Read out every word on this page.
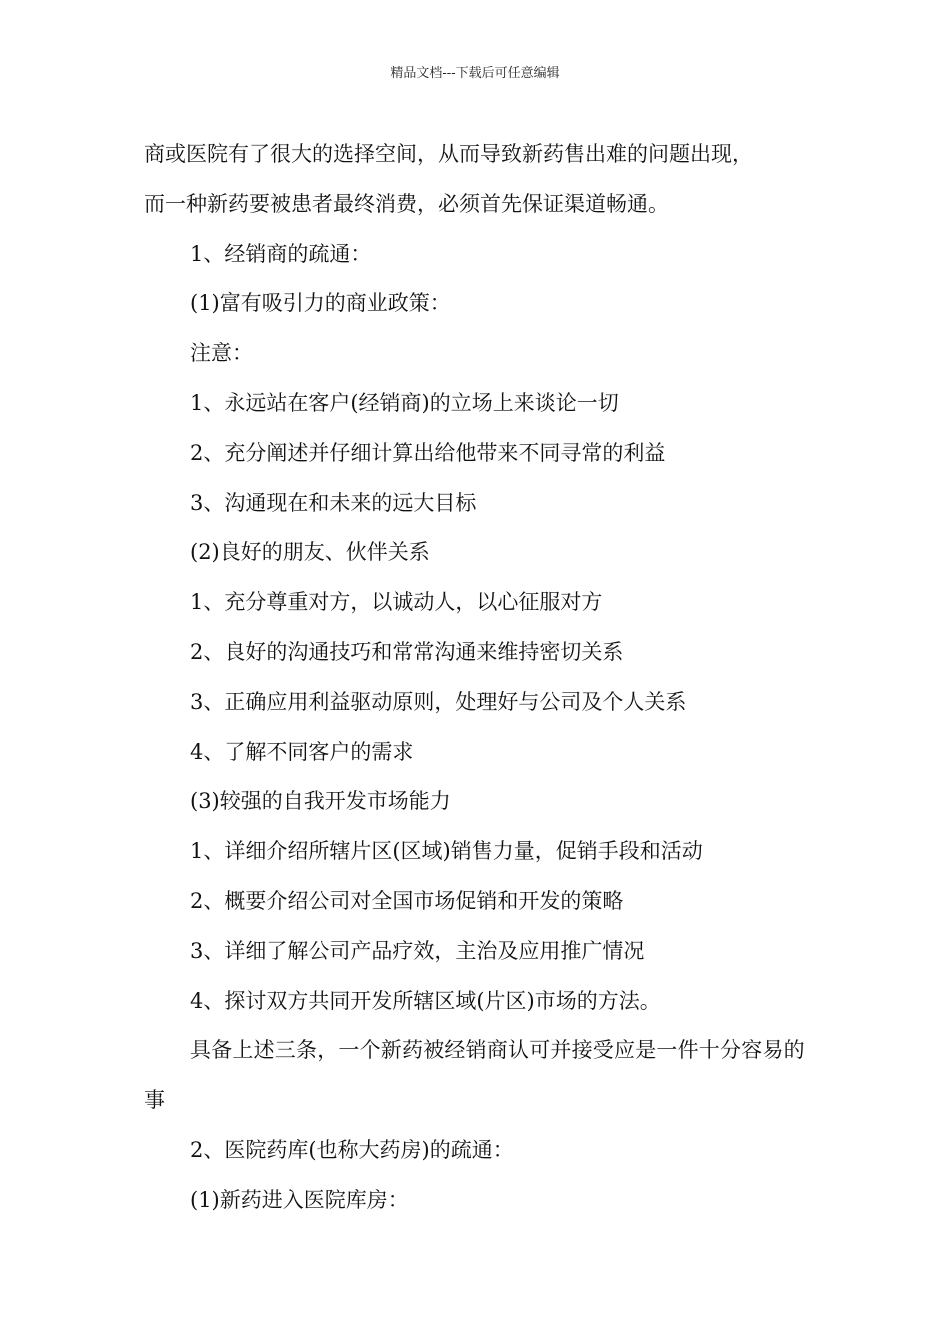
精品文档---下载后可任意编辑

商或医院有了很大的选择空间，从而导致新药售出难的问题出现，

而一种新药要被患者最终消费，必须首先保证渠道畅通。

1、经销商的疏通：

(1)富有吸引力的商业政策：

注意：

1、永远站在客户(经销商)的立场上来谈论一切

2、充分阐述并仔细计算出给他带来不同寻常的利益

3、沟通现在和未来的远大目标

(2)良好的朋友、伙伴关系

1、充分尊重对方，以诚动人，以心征服对方

2、良好的沟通技巧和常常沟通来维持密切关系

3、正确应用利益驱动原则，处理好与公司及个人关系

4、了解不同客户的需求

(3)较强的自我开发市场能力

1、详细介绍所辖片区(区域)销售力量，促销手段和活动

2、概要介绍公司对全国市场促销和开发的策略

3、详细了解公司产品疗效，主治及应用推广情况

4、探讨双方共同开发所辖区域(片区)市场的方法。

具备上述三条，一个新药被经销商认可并接受应是一件十分容易的事

2、医院药库(也称大药房)的疏通：

(1)新药进入医院库房：
